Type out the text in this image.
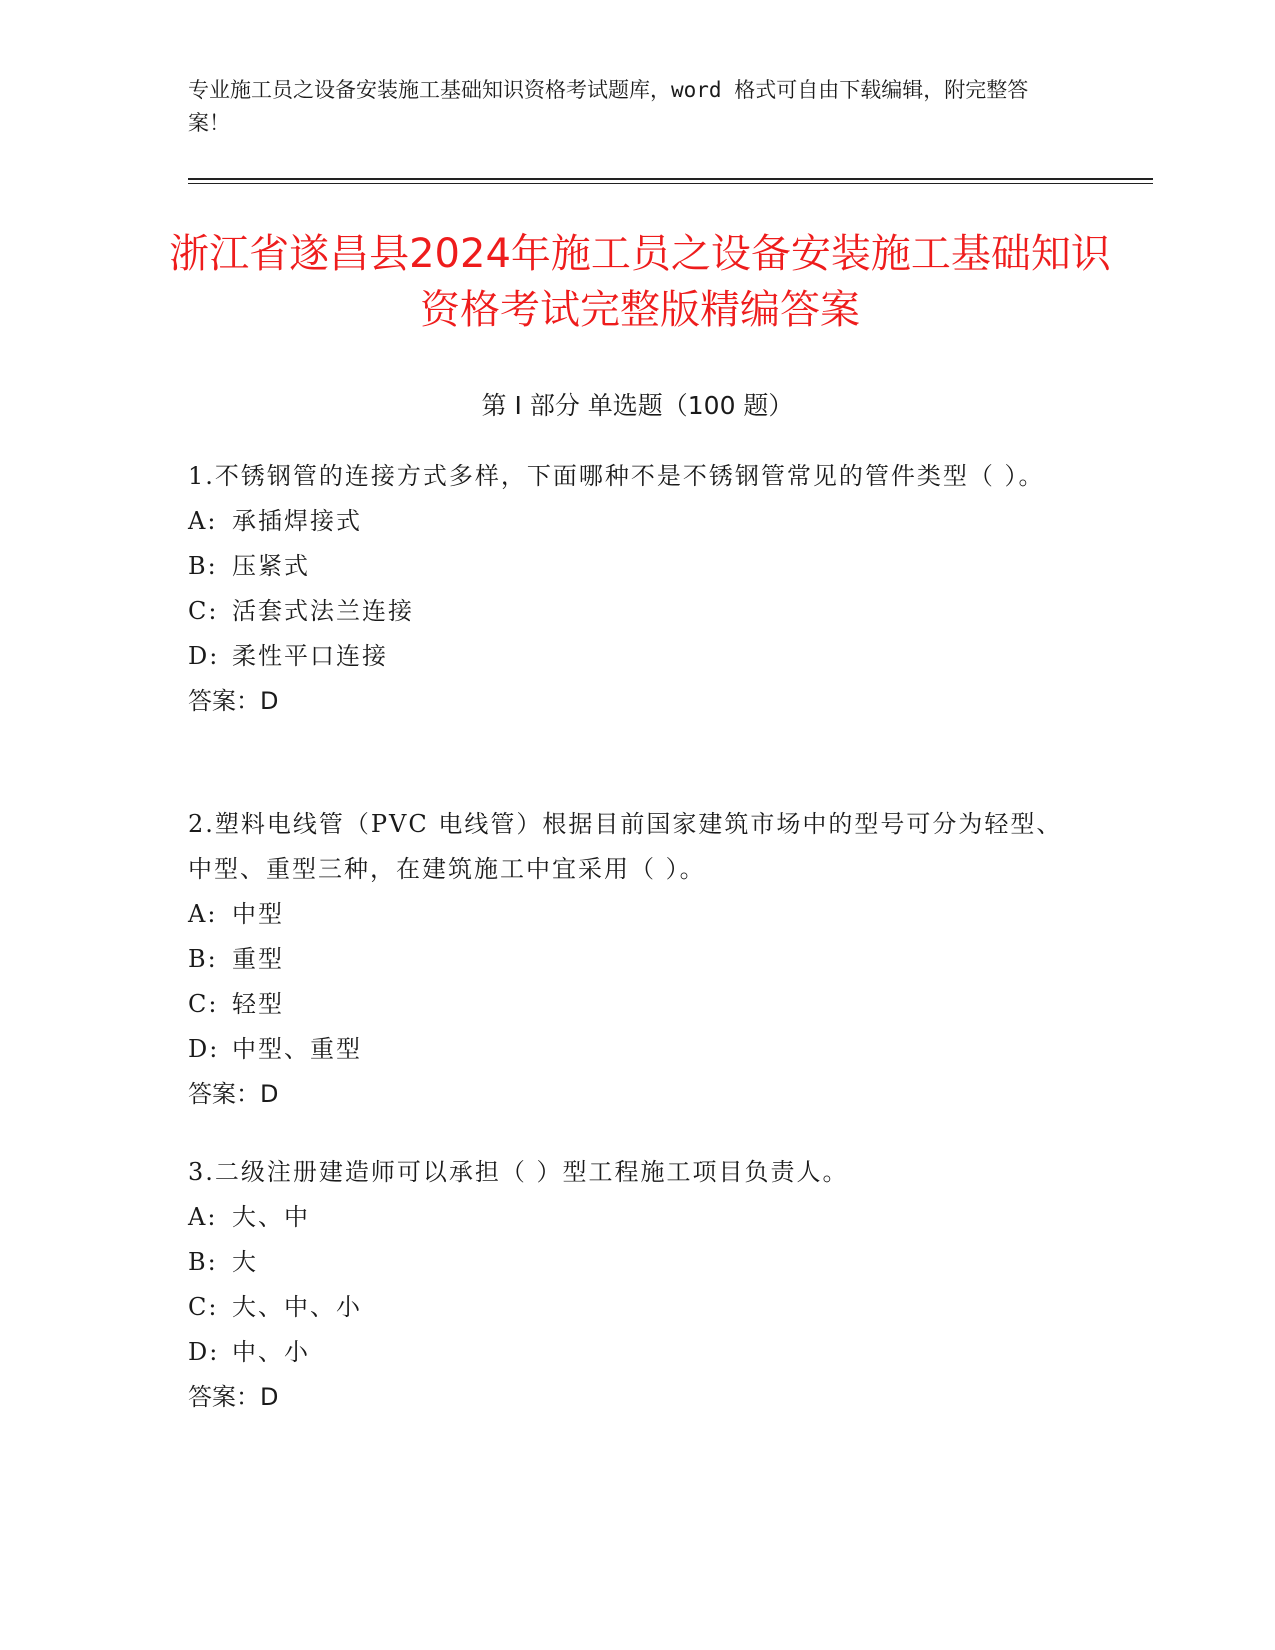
专业施工员之设备安装施工基础知识资格考试题库，word 格式可自由下载编辑，附完整答案！
浙江省遂昌县2024年施工员之设备安装施工基础知识资格考试完整版精编答案
第 I 部分 单选题（100 题）
1.不锈钢管的连接方式多样，下面哪种不是不锈钢管常见的管件类型（ ）。
A: 承插焊接式
B: 压紧式
C: 活套式法兰连接
D: 柔性平口连接
答案：D
2.塑料电线管（PVC 电线管）根据目前国家建筑市场中的型号可分为轻型、中型、重型三种，在建筑施工中宜采用（ ）。
A: 中型
B: 重型
C: 轻型
D: 中型、重型
答案：D
3.二级注册建造师可以承担（ ）型工程施工项目负责人。
A: 大、中
B: 大
C: 大、中、小
D: 中、小
答案：D
